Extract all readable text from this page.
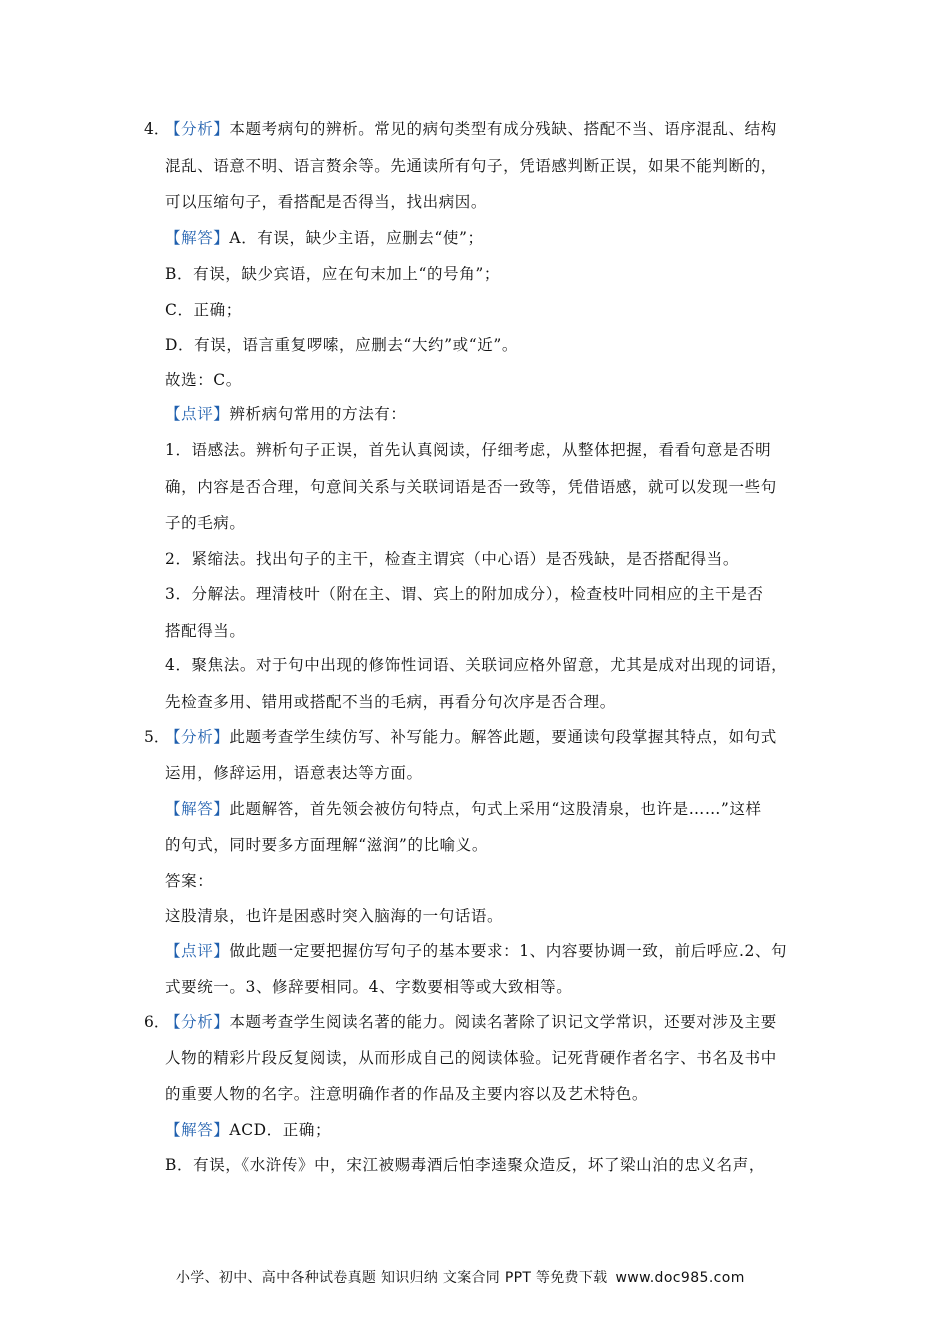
4．
【分析】本题考病句的辨析。常见的病句类型有成分残缺、搭配不当、语序混乱、结构
混乱、语意不明、语言赘余等。先通读所有句子，凭语感判断正误，如果不能判断的，
可以压缩句子，看搭配是否得当，找出病因。
【解答】A．有误，缺少主语，应删去“使”；
B．有误，缺少宾语，应在句末加上“的号角”；
C．正确；
D．有误，语言重复啰嗦，应删去“大约”或“近”。
故选：C。
【点评】辨析病句常用的方法有：
1．语感法。辨析句子正误，首先认真阅读，仔细考虑，从整体把握，看看句意是否明
确，内容是否合理，句意间关系与关联词语是否一致等，凭借语感，就可以发现一些句
子的毛病。
2．紧缩法。找出句子的主干，检查主谓宾（中心语）是否残缺，是否搭配得当。
3．分解法。理清枝叶（附在主、谓、宾上的附加成分），检查枝叶同相应的主干是否
搭配得当。
4．聚焦法。对于句中出现的修饰性词语、关联词应格外留意，尤其是成对出现的词语，
先检查多用、错用或搭配不当的毛病，再看分句次序是否合理。
5．
【分析】此题考查学生续仿写、补写能力。解答此题，要通读句段掌握其特点，如句式
运用，修辞运用，语意表达等方面。
【解答】此题解答，首先领会被仿句特点，句式上采用“这股清泉，也许是……”这样
的句式，同时要多方面理解“滋润”的比喻义。
答案：
这股清泉，也许是困惑时突入脑海的一句话语。
【点评】做此题一定要把握仿写句子的基本要求：1、内容要协调一致，前后呼应.2、句
式要统一。3、修辞要相同。4、字数要相等或大致相等。
6．
【分析】本题考查学生阅读名著的能力。阅读名著除了识记文学常识，还要对涉及主要
人物的精彩片段反复阅读，从而形成自己的阅读体验。记死背硬作者名字、书名及书中
的重要人物的名字。注意明确作者的作品及主要内容以及艺术特色。
【解答】ACD．正确；
B．有误，《水浒传》中，宋江被赐毒酒后怕李逵聚众造反，坏了梁山泊的忠义名声，
小学、初中、高中各种试卷真题 知识归纳 文案合同 PPT 等免费下载 www.doc985.com
